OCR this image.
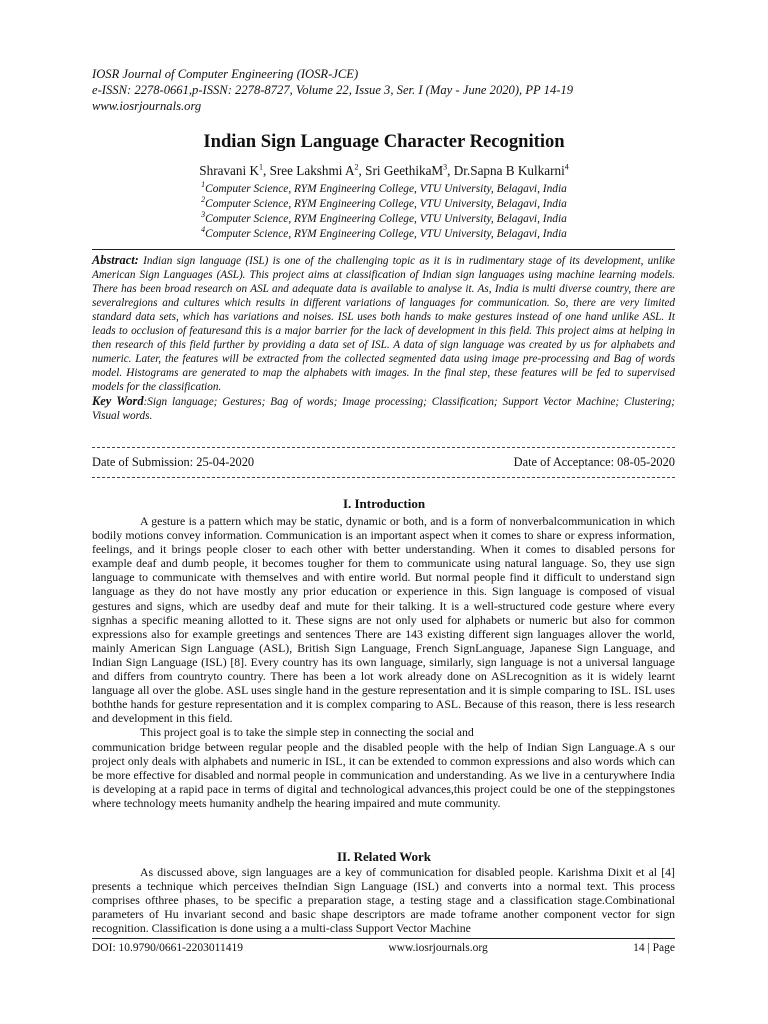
IOSR Journal of Computer Engineering (IOSR-JCE)
e-ISSN: 2278-0661,p-ISSN: 2278-8727, Volume 22, Issue 3, Ser. I (May - June 2020), PP 14-19
www.iosrjournals.org
Indian Sign Language Character Recognition
Shravani $K^1$, Sree Lakshmi $A^2$, Sri GeethikaM$^3$, Dr.Sapna B Kulkarni$^4$
$^1$Computer Science, RYM Engineering College, VTU University, Belagavi, India
$^2$Computer Science, RYM Engineering College, VTU University, Belagavi, India
$^3$Computer Science, RYM Engineering College, VTU University, Belagavi, India
$^4$Computer Science, RYM Engineering College, VTU University, Belagavi, India
Abstract: Indian sign language (ISL) is one of the challenging topic as it is in rudimentary stage of its development, unlike American Sign Languages (ASL). This project aims at classification of Indian sign languages using machine learning models. There has been broad research on ASL and adequate data is available to analyse it. As, India is multi diverse country, there are severalregions and cultures which results in different variations of languages for communication. So, there are very limited standard data sets, which has variations and noises. ISL uses both hands to make gestures instead of one hand unlike ASL. It leads to occlusion of featuresand this is a major barrier for the lack of development in this field. This project aims at helping in then research of this field further by providing a data set of ISL. A data of sign language was created by us for alphabets and numeric. Later, the features will be extracted from the collected segmented data using image pre-processing and Bag of words model. Histograms are generated to map the alphabets with images. In the final step, these features will be fed to supervised models for the classification.
Key Word:Sign language; Gestures; Bag of words; Image processing; Classification; Support Vector Machine; Clustering; Visual words.
Date of Submission: 25-04-2020	Date of Acceptance: 08-05-2020
I. Introduction

A gesture is a pattern which may be static, dynamic or both, and is a form of nonverbalcommunication in which bodily motions convey information. Communication is an important aspect when it comes to share or express information, feelings, and it brings people closer to each other with better understanding. When it comes to disabled persons for example deaf and dumb people, it becomes tougher for them to communicate using natural language. So, they use sign language to communicate with themselves and with entire world. But normal people find it difficult to understand sign language as they do not have mostly any prior education or experience in this. Sign language is composed of visual gestures and signs, which are usedby deaf and mute for their talking. It is a well-structured code gesture where every signhas a specific meaning allotted to it. These signs are not only used for alphabets or numeric but also for common expressions also for example greetings and sentences There are 143 existing different sign languages allover the world, mainly American Sign Language (ASL), British Sign Language, French SignLanguage, Japanese Sign Language, and Indian Sign Language (ISL) [8]. Every country has its own language, similarly, sign language is not a universal language and differs from countryto country. There has been a lot work already done on ASLrecognition as it is widely learnt language all over the globe. ASL uses single hand in the gesture representation and it is simple comparing to ISL. ISL uses boththe hands for gesture representation and it is complex comparing to ASL. Because of this reason, there is less research and development in this field.

This project goal is to take the simple step in connecting the social and

communication bridge between regular people and the disabled people with the help of Indian Sign Language.A s our project only deals with alphabets and numeric in ISL, it can be extended to common expressions and also words which can be more effective for disabled and normal people in communication and understanding. As we live in a centurywhere India is developing at a rapid pace in terms of digital and technological advances,this project could be one of the steppingstones where technology meets humanity andhelp the hearing impaired and mute community.

II. Related Work

As discussed above, sign languages are a key of communication for disabled people. Karishma Dixit et al [4] presents a technique which perceives theIndian Sign Language (ISL) and converts into a normal text. This process comprises ofthree phases, to be specific a preparation stage, a testing stage and a classification stage.Combinational parameters of Hu invariant second and basic shape descriptors are made toframe another component vector for sign recognition. Classification is done using a a multi-class Support Vector Machine

DOI: 10.9790/0661-2203011419	www.iosrjournals.org	14 | Page
